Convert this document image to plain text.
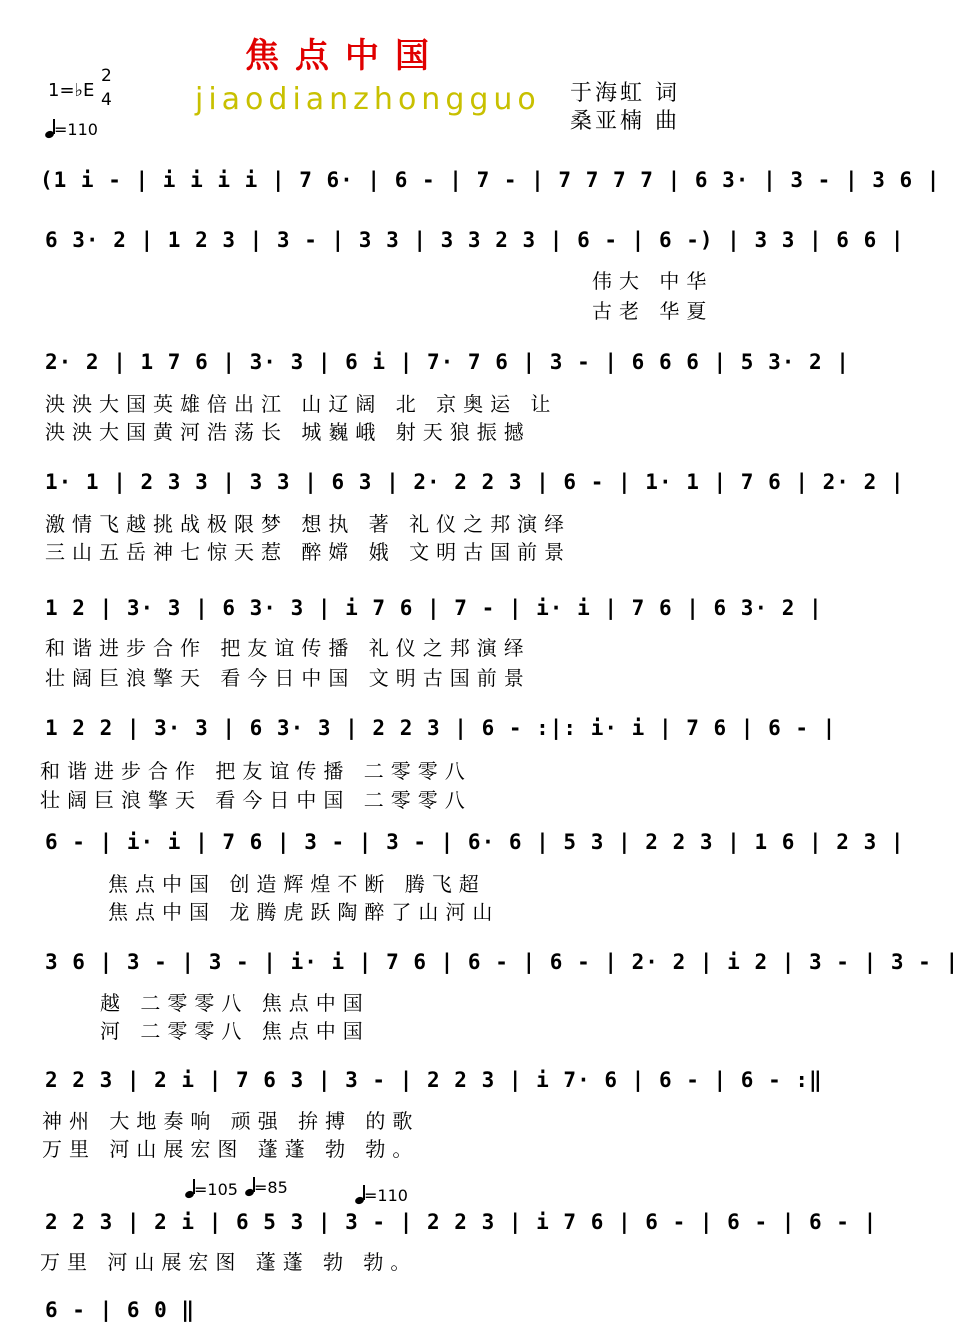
焦点中国
jiaodianzhongguo
1=♭E
2
4
=110
于海虹 词
桑亚楠 曲
(1 i - | i i i i | 7 6· | 6 - | 7 - | 7 7 7 7 | 6 3· | 3 - | 3 6 |
6 3· 2 | 1 2 3 | 3 - | 3 3 | 3 3 2 3 | 6 - | 6 -) | 3 3 | 6 6 |
伟大 中华
古老 华夏
2· 2 | 1 7 6 | 3· 3 | 6 i | 7· 7 6 | 3 - | 6 6 6 | 5 3· 2 |
泱泱大国英雄倍出江 山辽阔 北 京奥运 让
泱泱大国黄河浩荡长 城巍峨 射天狼振撼
1· 1 | 2 3 3 | 3 3 | 6 3 | 2· 2 2 3 | 6 - | 1· 1 | 7 6 | 2· 2 |
激情飞越挑战极限梦 想执 著 礼仪之邦演绎
三山五岳神七惊天惹 醉嫦 娥 文明古国前景
1 2 | 3· 3 | 6 3· 3 | i 7 6 | 7 - | i· i | 7 6 | 6 3· 2 |
和谐进步合作 把友谊传播 礼仪之邦演绎
壮阔巨浪擎天 看今日中国 文明古国前景
1 2 2 | 3· 3 | 6 3· 3 | 2 2 3 | 6 - :|: i· i | 7 6 | 6 - |
和谐进步合作 把友谊传播 二零零八
壮阔巨浪擎天 看今日中国 二零零八
6 - | i· i | 7 6 | 3 - | 3 - | 6· 6 | 5 3 | 2 2 3 | 1 6 | 2 3 |
焦点中国 创造辉煌不断 腾飞超
焦点中国 龙腾虎跃陶醉了山河山
3 6 | 3 - | 3 - | i· i | 7 6 | 6 - | 6 - | 2· 2 | i 2 | 3 - | 3 - |
越 二零零八 焦点中国
河 二零零八 焦点中国
2 2 3 | 2 i | 7 6 3 | 3 - | 2 2 3 | i 7· 6 | 6 - | 6 - :‖
神州 大地奏响 顽强 拚搏 的歌
万里 河山展宏图 蓬蓬 勃 勃。
=105	=85	=110
2 2 3 | 2 i | 6 5 3 | 3 - | 2 2 3 | i 7 6 | 6 - | 6 - | 6 - |
万里 河山展宏图 蓬蓬 勃 勃。
6 - | 6 0 ‖
